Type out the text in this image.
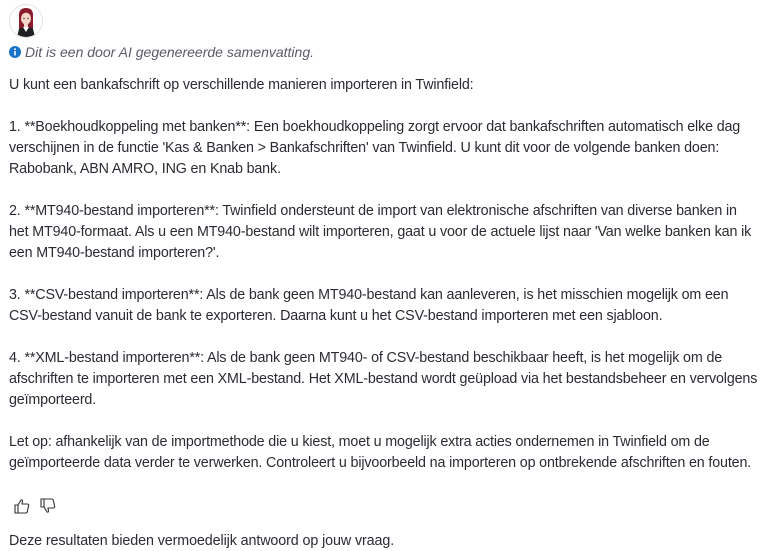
Dit is een door AI gegenereerde samenvatting.

U kunt een bankafschrift op verschillende manieren importeren in Twinfield:

1. **Boekhoudkoppeling met banken**: Een boekhoudkoppeling zorgt ervoor dat bankafschriften automatisch elke dag verschijnen in de functie 'Kas & Banken > Bankafschriften' van Twinfield. U kunt dit voor de volgende banken doen: Rabobank, ABN AMRO, ING en Knab bank.

2. **MT940-bestand importeren**: Twinfield ondersteunt de import van elektronische afschriften van diverse banken in het MT940-formaat. Als u een MT940-bestand wilt importeren, gaat u voor de actuele lijst naar 'Van welke banken kan ik een MT940-bestand importeren?'.

3. **CSV-bestand importeren**: Als de bank geen MT940-bestand kan aanleveren, is het misschien mogelijk om een CSV-bestand vanuit de bank te exporteren. Daarna kunt u het CSV-bestand importeren met een sjabloon.

4. **XML-bestand importeren**: Als de bank geen MT940- of CSV-bestand beschikbaar heeft, is het mogelijk om de afschriften te importeren met een XML-bestand. Het XML-bestand wordt geüpload via het bestandsbeheer en vervolgens geïmporteerd.

Let op: afhankelijk van de importmethode die u kiest, moet u mogelijk extra acties ondernemen in Twinfield om de geïmporteerde data verder te verwerken. Controleert u bijvoorbeeld na importeren op ontbrekende afschriften en fouten.

Deze resultaten bieden vermoedelijk antwoord op jouw vraag.
